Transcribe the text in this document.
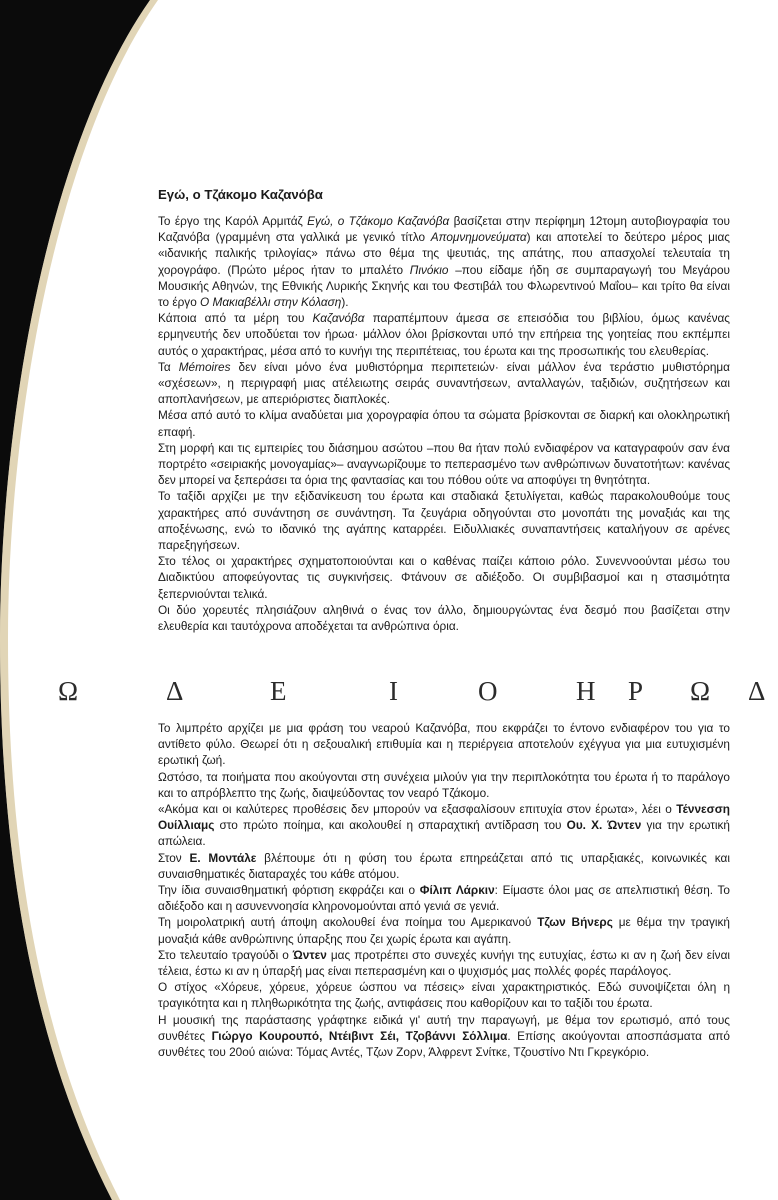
Εγώ, ο Τζάκομο Καζανόβα

Το έργο της Καρόλ Αρμιτάζ Εγώ, ο Τζάκομο Καζανόβα βασίζεται στην περίφημη 12τομη αυτοβιογραφία του Καζανόβα (γραμμένη στα γαλλικά με γενικό τίτλο Απομνημονεύματα) και αποτελεί το δεύτερο μέρος μιας «ιδανικής παλικής τριλογίας» πάνω στο θέμα της ψευτιάς, της απάτης, που απασχολεί τελευταία τη χορογράφο. (Πρώτο μέρος ήταν το μπαλέτο Πινόκιο –που είδαμε ήδη σε συμπαραγωγή του Μεγάρου Μουσικής Αθηνών, της Εθνικής Λυρικής Σκηνής και του Φεστιβάλ του Φλωρεντινού Μαΐου– και τρίτο θα είναι το έργο Ο Μακιαβέλλι στην Κόλαση).

Κάποια από τα μέρη του Καζανόβα παραπέμπουν άμεσα σε επεισόδια του βιβλίου, όμως κανένας ερμηνευτής δεν υποδύεται τον ήρωα· μάλλον όλοι βρίσκονται υπό την επήρεια της γοητείας που εκπέμπει αυτός ο χαρακτήρας, μέσα από το κυνήγι της περιπέτειας, του έρωτα και της προσωπικής του ελευθερίας.

Τα Mémoires δεν είναι μόνο ένα μυθιστόρημα περιπετειών· είναι μάλλον ένα τεράστιο μυθιστόρημα «σχέσεων», η περιγραφή μιας ατέλειωτης σειράς συναντήσεων, ανταλλαγών, ταξιδιών, συζητήσεων και αποπλανήσεων, με απεριόριστες διαπλοκές.

Μέσα από αυτό το κλίμα αναδύεται μια χορογραφία όπου τα σώματα βρίσκονται σε διαρκή και ολοκληρωτική επαφή.

Στη μορφή και τις εμπειρίες του διάσημου ασώτου –που θα ήταν πολύ ενδιαφέρον να καταγραφούν σαν ένα πορτρέτο «σειριακής μονογαμίας»– αναγνωρίζουμε το πεπερασμένο των ανθρώπινων δυνατοτήτων: κανένας δεν μπορεί να ξεπεράσει τα όρια της φαντασίας και του πόθου ούτε να αποφύγει τη θνητότητα.

Το ταξίδι αρχίζει με την εξιδανίκευση του έρωτα και σταδιακά ξετυλίγεται, καθώς παρακολουθούμε τους χαρακτήρες από συνάντηση σε συνάντηση. Τα ζευγάρια οδηγούνται στο μονοπάτι της μοναξιάς και της αποξένωσης, ενώ το ιδανικό της αγάπης καταρρέει. Ειδυλλιακές συναπαντήσεις καταλήγουν σε αρένες παρεξηγήσεων.

Στο τέλος οι χαρακτήρες σχηματοποιούνται και ο καθένας παίζει κάποιο ρόλο. Συνεννοούνται μέσω του Διαδικτύου αποφεύγοντας τις συγκινήσεις. Φτάνουν σε αδιέξοδο. Οι συμβιβασμοί και η στασιμότητα ξεπερνιούνται τελικά.

Οι δύο χορευτές πλησιάζουν αληθινά ο ένας τον άλλο, δημιουργώντας ένα δεσμό που βασίζεται στην ελευθερία και ταυτόχρονα αποδέχεται τα ανθρώπινα όρια.

Ω	Δ	Ε	Ι	Ο	Η Ρ Ω Δ

Το λιμπρέτο αρχίζει με μια φράση του νεαρού Καζανόβα, που εκφράζει το έντονο ενδιαφέρον του για το αντίθετο φύλο. Θεωρεί ότι η σεξουαλική επιθυμία και η περιέργεια αποτελούν εχέγγυα για μια ευτυχισμένη ερωτική ζωή.

Ωστόσο, τα ποιήματα που ακούγονται στη συνέχεια μιλούν για την περιπλοκότητα του έρωτα ή το παράλογο και το απρόβλεπτο της ζωής, διαψεύδοντας τον νεαρό Τζάκομο.

«Ακόμα και οι καλύτερες προθέσεις δεν μπορούν να εξασφαλίσουν επιτυχία στον έρωτα», λέει ο Τέννεσση Ουίλλιαμς στο πρώτο ποίημα, και ακολουθεί η σπαραχτική αντίδραση του Ου. Χ. Ώντεν για την ερωτική απώλεια.

Στον Ε. Μοντάλε βλέπουμε ότι η φύση του έρωτα επηρεάζεται από τις υπαρξιακές, κοινωνικές και συναισθηματικές διαταραχές του κάθε ατόμου.

Την ίδια συναισθηματική φόρτιση εκφράζει και ο Φίλιπ Λάρκιν: Είμαστε όλοι μας σε απελπιστική θέση. Το αδιέξοδο και η ασυνεννοησία κληρονομούνται από γενιά σε γενιά.

Τη μοιρολατρική αυτή άποψη ακολουθεί ένα ποίημα του Αμερικανού Τζων Βήνερς με θέμα την τραγική μοναξιά κάθε ανθρώπινης ύπαρξης που ζει χωρίς έρωτα και αγάπη.

Στο τελευταίο τραγούδι ο Ώντεν μας προτρέπει στο συνεχές κυνήγι της ευτυχίας, έστω κι αν η ζωή δεν είναι τέλεια, έστω κι αν η ύπαρξή μας είναι πεπερασμένη και ο ψυχισμός μας πολλές φορές παράλογος.

Ο στίχος «Χόρευε, χόρευε, χόρευε ώσπου να πέσεις» είναι χαρακτηριστικός. Εδώ συνοψίζεται όλη η τραγικότητα και η πληθωρικότητα της ζωής, αντιφάσεις που καθορίζουν και το ταξίδι του έρωτα.

Η μουσική της παράστασης γράφτηκε ειδικά γι' αυτή την παραγωγή, με θέμα τον ερωτισμό, από τους συνθέτες Γιώργο Κουρουπό, Ντέιβιντ Σέι, Τζοβάννι Σόλλιμα. Επίσης ακούγονται αποσπάσματα από συνθέτες του 20ού αιώνα: Τόμας Αντές, Τζων Ζορν, Άλφρεντ Σνίτκε, Τζουστίνο Ντι Γκρεγκόριο.
